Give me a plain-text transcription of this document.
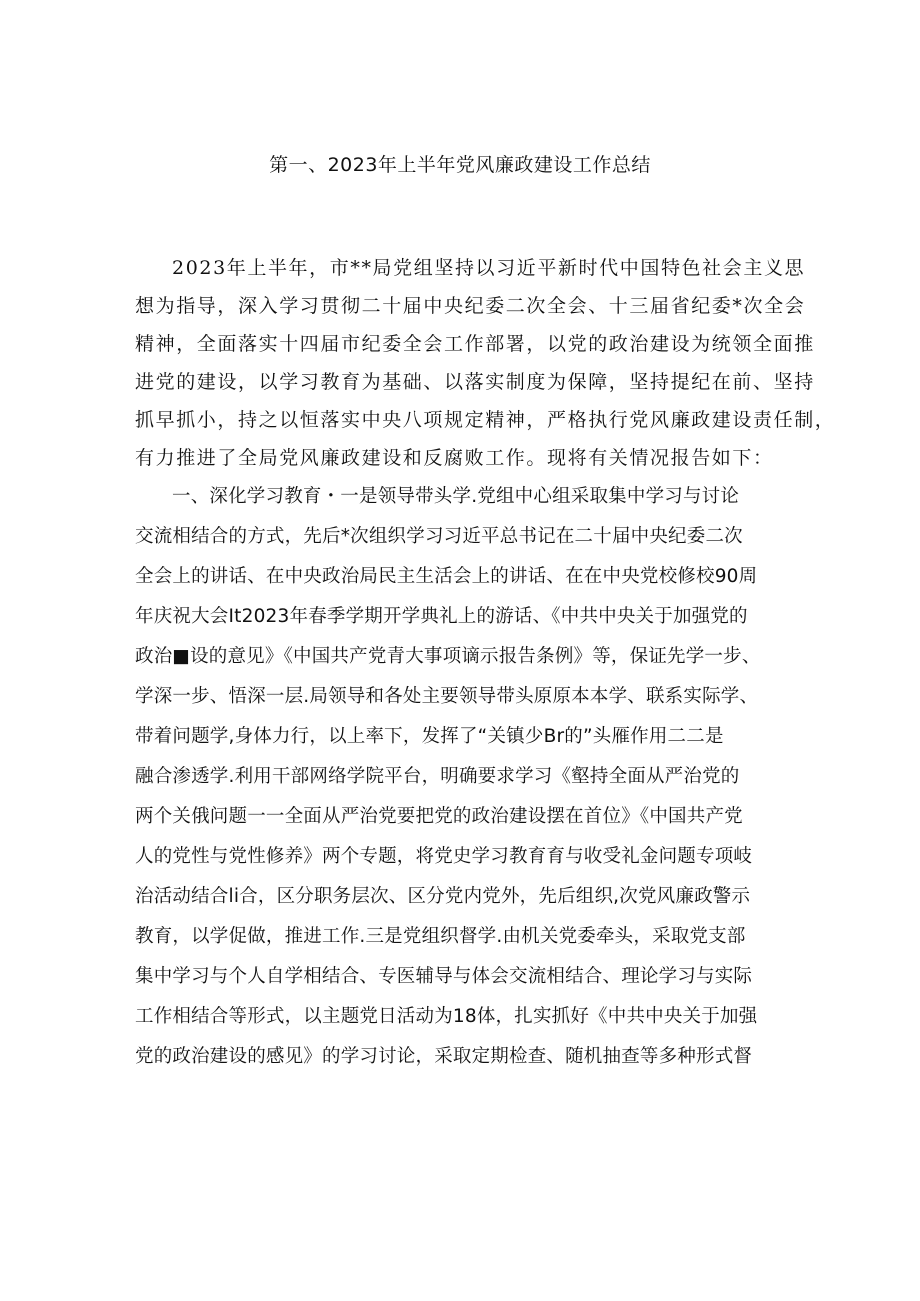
第一、2023年上半年党风廉政建设工作总结
2023年上半年，市**局党组坚持以习近平新时代中国特色社会主义思
想为指导，深入学习贯彻二十届中央纪委二次全会、十三届省纪委*次全会
精神，全面落实十四届市纪委全会工作部署，以党的政治建设为统领全面推
进党的建设，以学习教育为基础、以落实制度为保障，坚持提纪在前、坚持
抓早抓小，持之以恒落实中央八项规定精神，严格执行党风廉政建设责任制，
有力推进了全局党风廉政建设和反腐败工作。现将有关情况报告如下：
一、深化学习教育・一是领导带头学.党组中心组采取集中学习与讨论
交流相结合的方式，先后*次组织学习习近平总书记在二十届中央纪委二次
全会上的讲话、在中央政治局民主生活会上的讲话、在在中央党校修校90周
年庆祝大会It2023年春季学期开学典礼上的游话、《中共中央关于加强党的
政治■设的意见》《中国共产党青大事项谪示报告条例》等，保证先学一步、
学深一步、悟深一层.局领导和各处主要领导带头原原本本学、联系实际学、
带着问题学,身体力行，以上率下，发挥了“关镇少Br的”头雁作用二二是
融合渗透学.利用干部网络学院平台，明确要求学习《壑持全面从严治党的
两个关俄问题一一全面从严治党要把党的政治建设摆在首位》《中国共产党
人的党性与党性修养》两个专题，将党史学习教育育与收受礼金问题专项岐
治活动结合li合，区分职务层次、区分党内党外，先后组织,次党风廉政警示
教育，以学促做，推进工作.三是党组织督学.由机关党委牵头，采取党支部
集中学习与个人自学相结合、专医辅导与体会交流相结合、理论学习与实际
工作相结合等形式，以主题党日活动为18体，扎实抓好《中共中央关于加强
党的政治建设的感见》的学习讨论，采取定期检查、随机抽查等多种形式督
